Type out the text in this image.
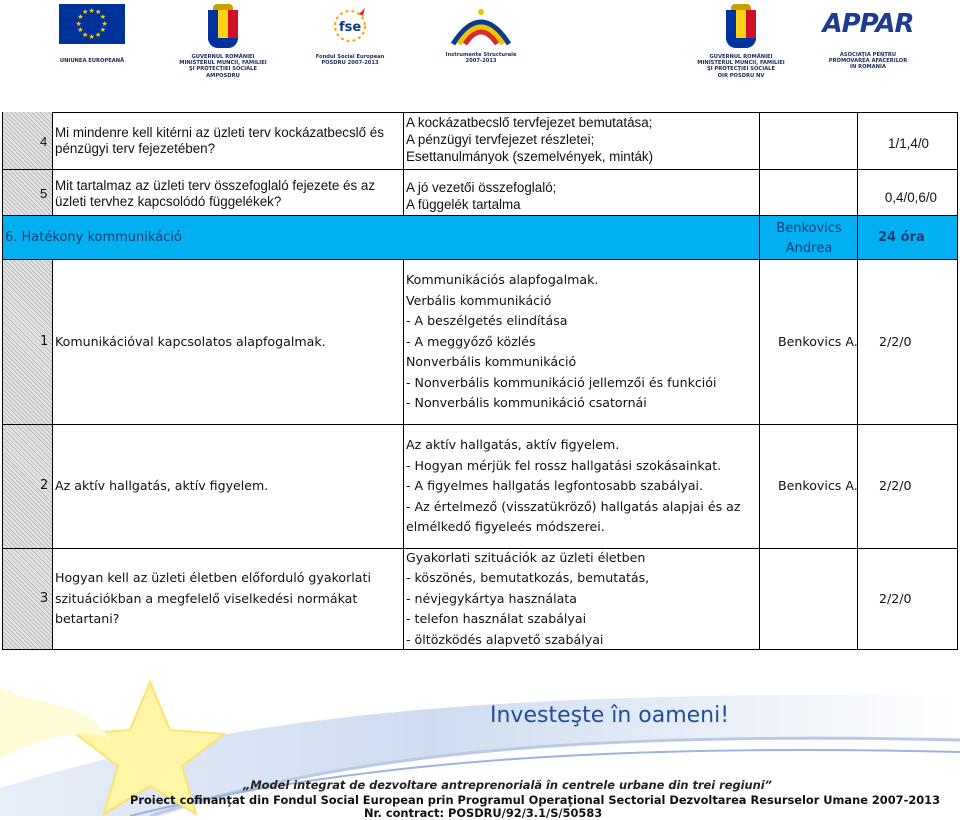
★
★
★
★
★
★
★
★
★ ★ ★
★
UNIUNEA EUROPEANĂ
GUVERNUL ROMÂNIEI
MINISTERUL MUNCII, FAMILIEI
ŞI PROTECŢIEI SOCIALE
AMPOSDRU
fse
Fondul Social European
POSDRU 2007-2013
Instrumente Structurale
2007-2013
GUVERNUL ROMÂNIEI
MINISTERUL MUNCII, FAMILIEI
ŞI PROTECŢIEI SOCIALE
OIR POSDRU NV
APPAR
ASOCIAŢIA PENTRU
PROMOVAREA AFACERILOR
IN ROMANIA
4
Mi mindenre kell kitérni az üzleti terv kockázatbecslő és
pénzügyi terv fejezetében?
A kockázatbecslő tervfejezet bemutatása;
A pénzügyi tervfejezet részletei;
Esettanulmányok (szemelvények, minták)
1/1,4/0
5
Mit tartalmaz az üzleti terv összefoglaló fejezete és az
üzleti tervhez kapcsolódó függelékek?
A jó vezetői összefoglaló;
A függelék tartalma	0,4/0,6/0
6. Hatékony kommunikáció
Benkovics
Andrea
24 óra
1 Komunikációval kapcsolatos alapfogalmak.
Kommunikációs alapfogalmak.
Verbális kommunikáció
- A beszélgetés elindítása
- A meggyőző közlés
Nonverbális kommunikáció
- Nonverbális kommunikáció jellemzői és funkciói
- Nonverbális kommunikáció csatornái
Benkovics A. 2/2/0
2 Az aktív hallgatás, aktív figyelem.
Az aktív hallgatás, aktív figyelem.
- Hogyan mérjük fel rossz hallgatási szokásainkat.
- A figyelmes hallgatás legfontosabb szabályai.
- Az értelmező (visszatükröző) hallgatás alapjai és az
elmélkedő figyeleés módszerei.
Benkovics A. 2/2/0
3
Hogyan kell az üzleti életben előforduló gyakorlati
szituációkban a megfelelő viselkedési normákat
betartani?
Gyakorlati szituációk az üzleti életben
- köszönés, bemutatkozás, bemutatás,
- névjegykártya használata
- telefon használat szabályai
- öltözködés alapvető szabályai
2/2/0
Investeşte în oameni!
„Model integrat de dezvoltare antreprenorială în centrele urbane din trei regiuni”
Proiect cofinanţat din Fondul Social European prin Programul Operaţional Sectorial Dezvoltarea Resurselor Umane 2007-2013
Nr. contract: POSDRU/92/3.1/S/50583
